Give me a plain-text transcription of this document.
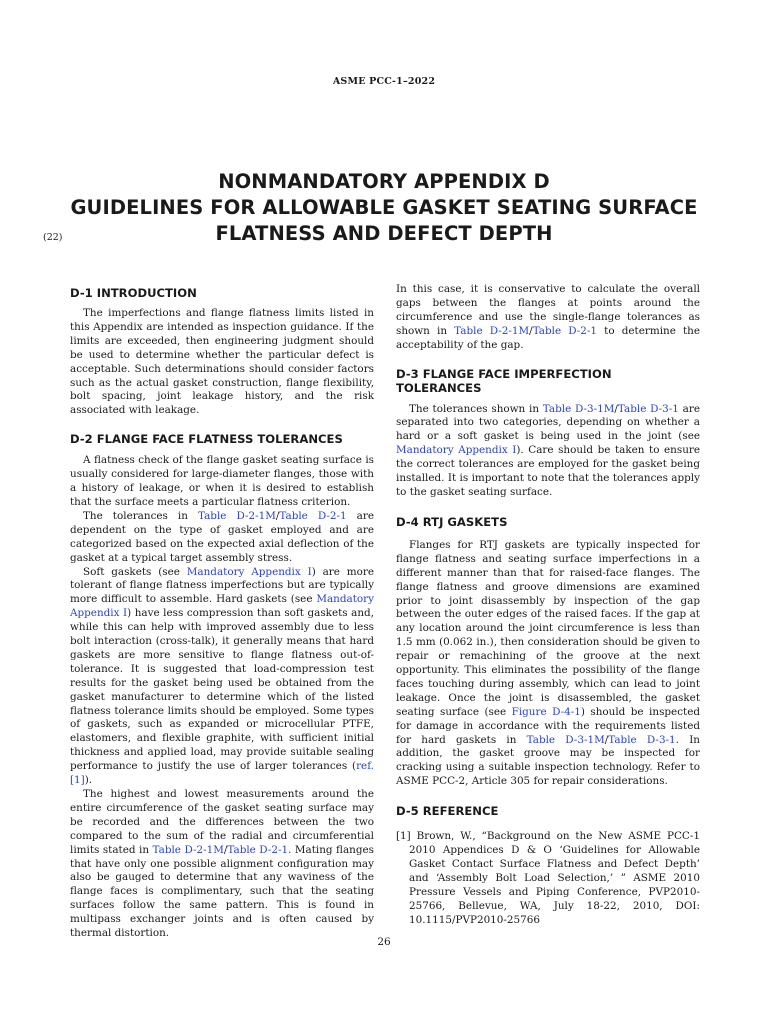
ASME PCC-1–2022
NONMANDATORY APPENDIX D
GUIDELINES FOR ALLOWABLE GASKET SEATING SURFACE
FLATNESS AND DEFECT DEPTH
(22)
D-1 INTRODUCTION

The imperfections and flange flatness limits listed in this Appendix are intended as inspection guidance. If the limits are exceeded, then engineering judgment should be used to determine whether the particular defect is acceptable. Such determinations should consider factors such as the actual gasket construction, flange flexibility, bolt spacing, joint leakage history, and the risk associated with leakage.

D-2 FLANGE FACE FLATNESS TOLERANCES

A flatness check of the flange gasket seating surface is usually considered for large-diameter flanges, those with a history of leakage, or when it is desired to establish that the surface meets a particular flatness criterion.

The tolerances in Table D-2-1M/Table D-2-1 are dependent on the type of gasket employed and are categorized based on the expected axial deflection of the gasket at a typical target assembly stress.

Soft gaskets (see Mandatory Appendix I) are more tolerant of flange flatness imperfections but are typically more difficult to assemble. Hard gaskets (see Mandatory Appendix I) have less compression than soft gaskets and, while this can help with improved assembly due to less bolt interaction (cross-talk), it generally means that hard gaskets are more sensitive to flange flatness out-of-tolerance. It is suggested that load-compression test results for the gasket being used be obtained from the gasket manufacturer to determine which of the listed flatness tolerance limits should be employed. Some types of gaskets, such as expanded or microcellular PTFE, elastomers, and flexible graphite, with sufficient initial thickness and applied load, may provide suitable sealing performance to justify the use of larger tolerances (ref. [1]).

The highest and lowest measurements around the entire circumference of the gasket seating surface may be recorded and the differences between the two compared to the sum of the radial and circumferential limits stated in Table D-2-1M/Table D-2-1. Mating flanges that have only one possible alignment configuration may also be gauged to determine that any waviness of the flange faces is complimentary, such that the seating surfaces follow the same pattern. This is found in multipass exchanger joints and is often caused by thermal distortion.

In this case, it is conservative to calculate the overall gaps between the flanges at points around the circumference and use the single-flange tolerances as shown in Table D-2-1M/Table D-2-1 to determine the acceptability of the gap.

D-3 FLANGE FACE IMPERFECTION TOLERANCES

The tolerances shown in Table D-3-1M/Table D-3-1 are separated into two categories, depending on whether a hard or a soft gasket is being used in the joint (see Mandatory Appendix I). Care should be taken to ensure the correct tolerances are employed for the gasket being installed. It is important to note that the tolerances apply to the gasket seating surface.

D-4 RTJ GASKETS

Flanges for RTJ gaskets are typically inspected for flange flatness and seating surface imperfections in a different manner than that for raised-face flanges. The flange flatness and groove dimensions are examined prior to joint disassembly by inspection of the gap between the outer edges of the raised faces. If the gap at any location around the joint circumference is less than 1.5 mm (0.062 in.), then consideration should be given to repair or remachining of the groove at the next opportunity. This eliminates the possibility of the flange faces touching during assembly, which can lead to joint leakage. Once the joint is disassembled, the gasket seating surface (see Figure D-4-1) should be inspected for damage in accordance with the requirements listed for hard gaskets in Table D-3-1M/Table D-3-1. In addition, the gasket groove may be inspected for cracking using a suitable inspection technology. Refer to ASME PCC-2, Article 305 for repair considerations.

D-5 REFERENCE

[1] Brown, W., “Background on the New ASME PCC-1 2010 Appendices D & O ‘Guidelines for Allowable Gasket Contact Surface Flatness and Defect Depth’ and ‘Assembly Bolt Load Selection,’ ” ASME 2010 Pressure Vessels and Piping Conference, PVP2010-25766, Bellevue, WA, July 18-22, 2010, DOI: 10.1115/PVP2010-25766

26
